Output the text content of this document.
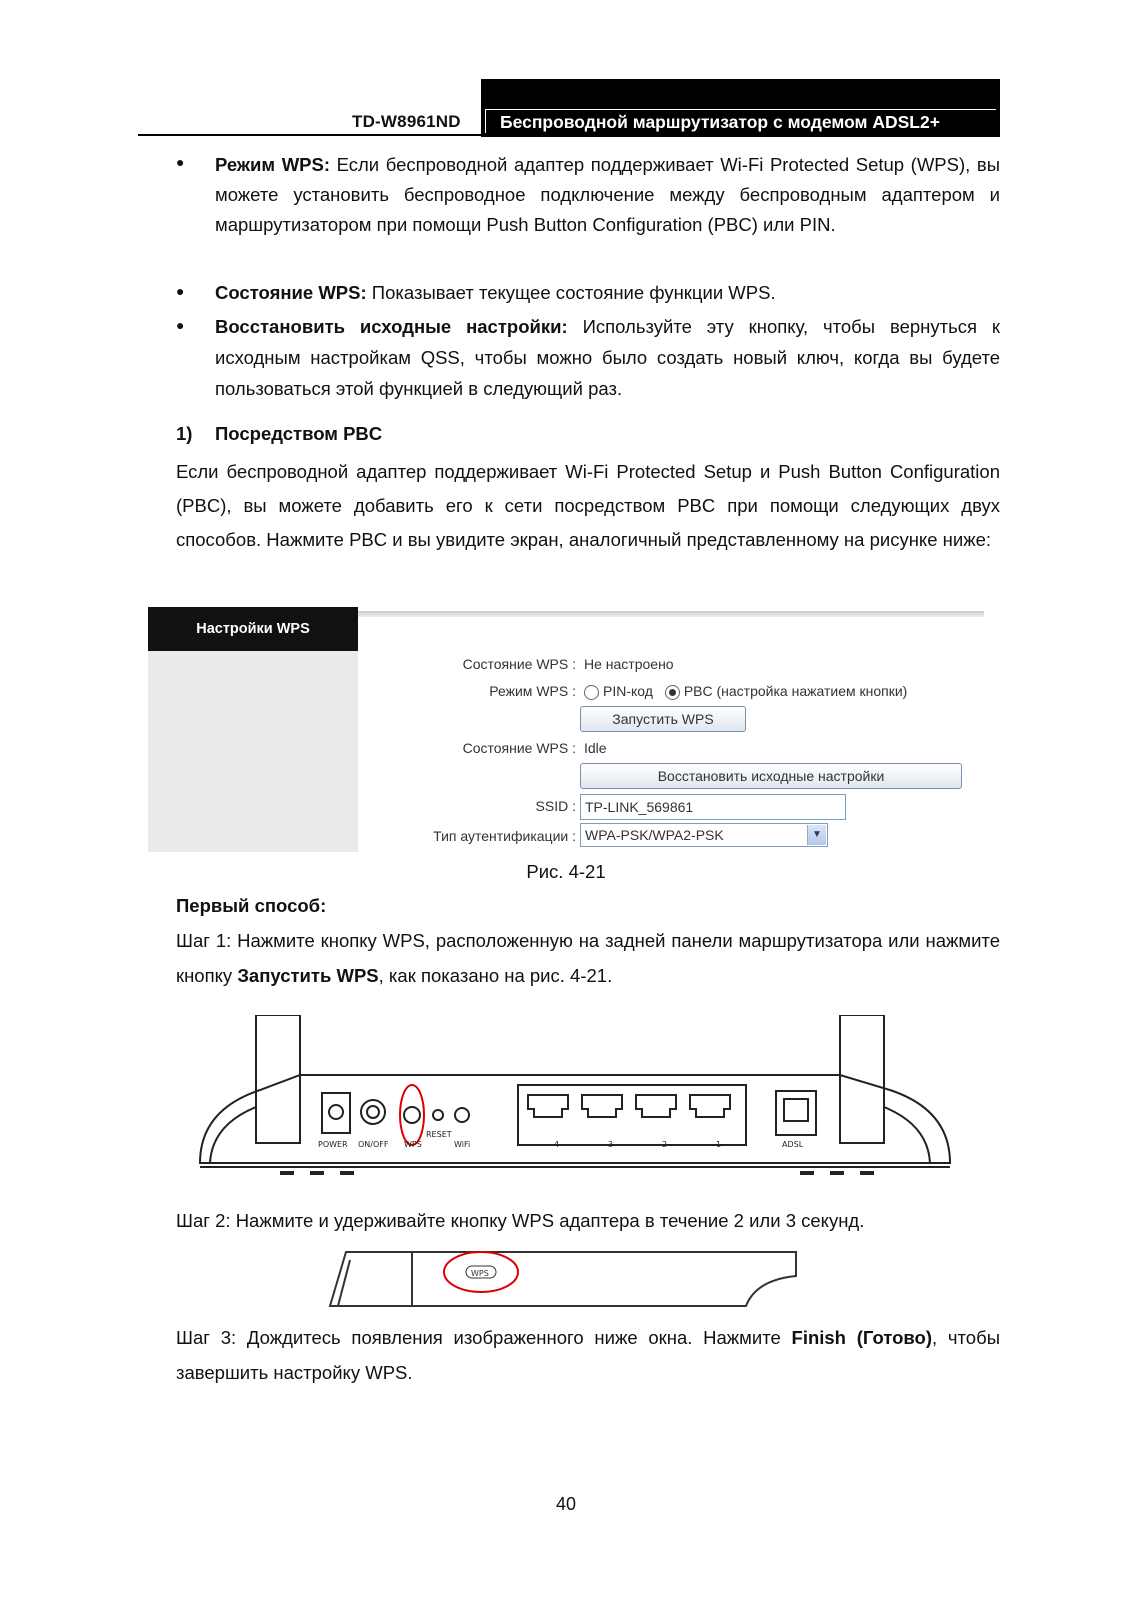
TD-W8961ND	Беспроводной маршрутизатор с модемом ADSL2+
● Режим WPS: Если беспроводной адаптер поддерживает Wi-Fi Protected Setup (WPS), вы можете установить беспроводное подключение между беспроводным адаптером и маршрутизатором при помощи Push Button Configuration (PBC) или PIN.
● Состояние WPS: Показывает текущее состояние функции WPS.
● Восстановить исходные настройки: Используйте эту кнопку, чтобы вернуться к исходным настройкам QSS, чтобы можно было создать новый ключ, когда вы будете пользоваться этой функцией в следующий раз.
1) Посредством PBC
Если беспроводной адаптер поддерживает Wi-Fi Protected Setup и Push Button Configuration (PBC), вы можете добавить его к сети посредством PBC при помощи следующих двух способов. Нажмите PBC и вы увидите экран, аналогичный представленному на рисунке ниже:
Настройки WPS
Состояние WPS : Не настроено
Режим WPS :	PIN-код PBC (настройка нажатием кнопки)
Запустить WPS
Состояние WPS : Idle
Восстановить исходные настройки
SSID : TP-LINK_569861
Тип аутентификации : WPA-PSK/WPA2-PSK	▼
Рис. 4-21
Первый способ:
Шаг 1: Нажмите кнопку WPS, расположенную на задней панели маршрутизатора или нажмите кнопку Запустить WPS, как показано на рис. 4-21.
POWER ON/OFF WPS
RESET
WiFi	4	3	2	1	ADSL
Шаг 2: Нажмите и удерживайте кнопку WPS адаптера в течение 2 или 3 секунд.
WPS
Шаг 3: Дождитесь появления изображенного ниже окна. Нажмите Finish (Готово), чтобы завершить настройку WPS.
40
